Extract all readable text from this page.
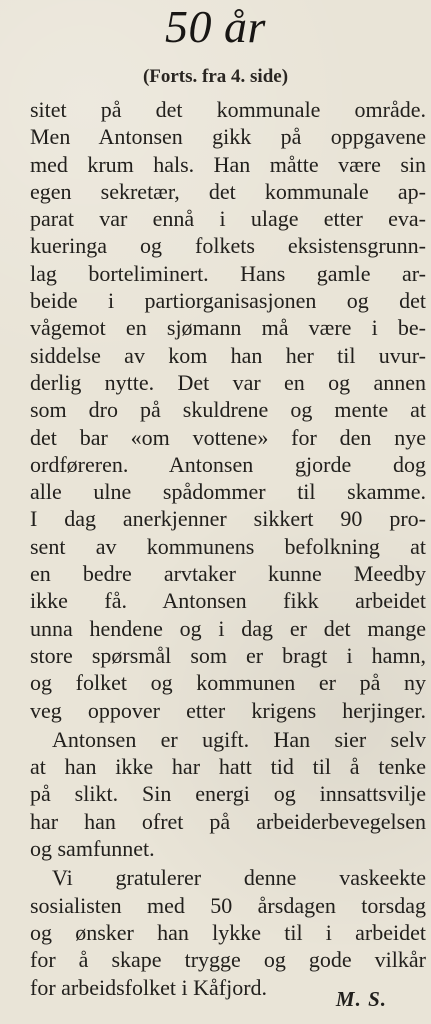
50 år
(Forts. fra 4. side)
sitet på det kommunale område.
Men Antonsen gikk på oppgavene
med krum hals. Han måtte være sin
egen sekretær, det kommunale ap-
parat var ennå i ulage etter eva-
kueringa og folkets eksistensgrunn-
lag borteliminert. Hans gamle ar-
beide i partiorganisasjonen og det
vågemot en sjømann må være i be-
siddelse av kom han her til uvur-
derlig nytte. Det var en og annen
som dro på skuldrene og mente at
det bar «om vottene» for den nye
ordføreren. Antonsen gjorde dog
alle ulne spådommer til skamme.
I dag anerkjenner sikkert 90 pro-
sent av kommunens befolkning at
en bedre arvtaker kunne Meedby
ikke få. Antonsen fikk arbeidet
unna hendene og i dag er det mange
store spørsmål som er bragt i hamn,
og folket og kommunen er på ny
veg oppover etter krigens herjinger.
Antonsen er ugift. Han sier selv
at han ikke har hatt tid til å tenke
på slikt. Sin energi og innsattsvilje
har han ofret på arbeiderbevegelsen
og samfunnet.
Vi gratulerer denne vaskeekte
sosialisten med 50 årsdagen torsdag
og ønsker han lykke til i arbeidet
for å skape trygge og gode vilkår
for arbeidsfolket i Kåfjord.	M. S.
